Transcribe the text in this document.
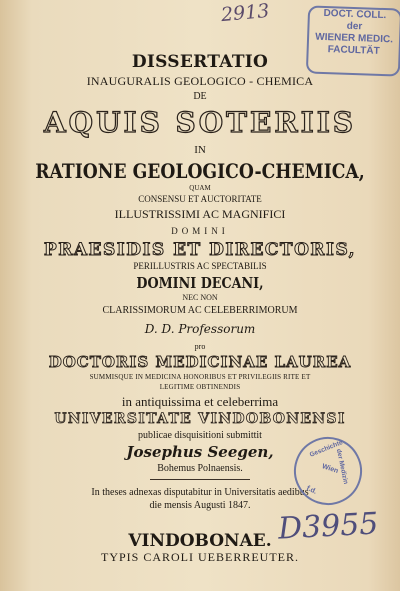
2913	DOCT. COLL.
der
WIENER MEDIC.
FACULTÄT
DISSERTATIO
INAUGURALIS GEOLOGICO - CHEMICA
DE
AQUIS SOTERIIS
IN
RATIONE GEOLOGICO-CHEMICA,
QUAM
CONSENSU ET AUCTORITATE
ILLUSTRISSIMI AC MAGNIFICI
DOMINI
PRAESIDIS ET DIRECTORIS,
PERILLUSTRIS AC SPECTABILIS
DOMINI DECANI,
NEC NON
CLARISSIMORUM AC CELEBERRIMORUM
D. D. Professorum
pro
DOCTORIS MEDICINAE LAUREA
SUMMISQUE IN MEDICINA HONORIBUS ET PRIVILEGIIS RITE ET
LEGITIME OBTINENDIS
in antiquissima et celeberrima
UNIVERSITATE VINDOBONENSI
publicae disquisitioni submittit
Josephus Seegen,
Bohemus Polnaensis.
In theses adnexas disputabitur in Universitatis aedibus
die mensis Augusti 1847.
Geschichte
der Medizin
Wien
f.d.
VINDOBONAE.
TYPIS CAROLI UEBERREUTER.
D3955
